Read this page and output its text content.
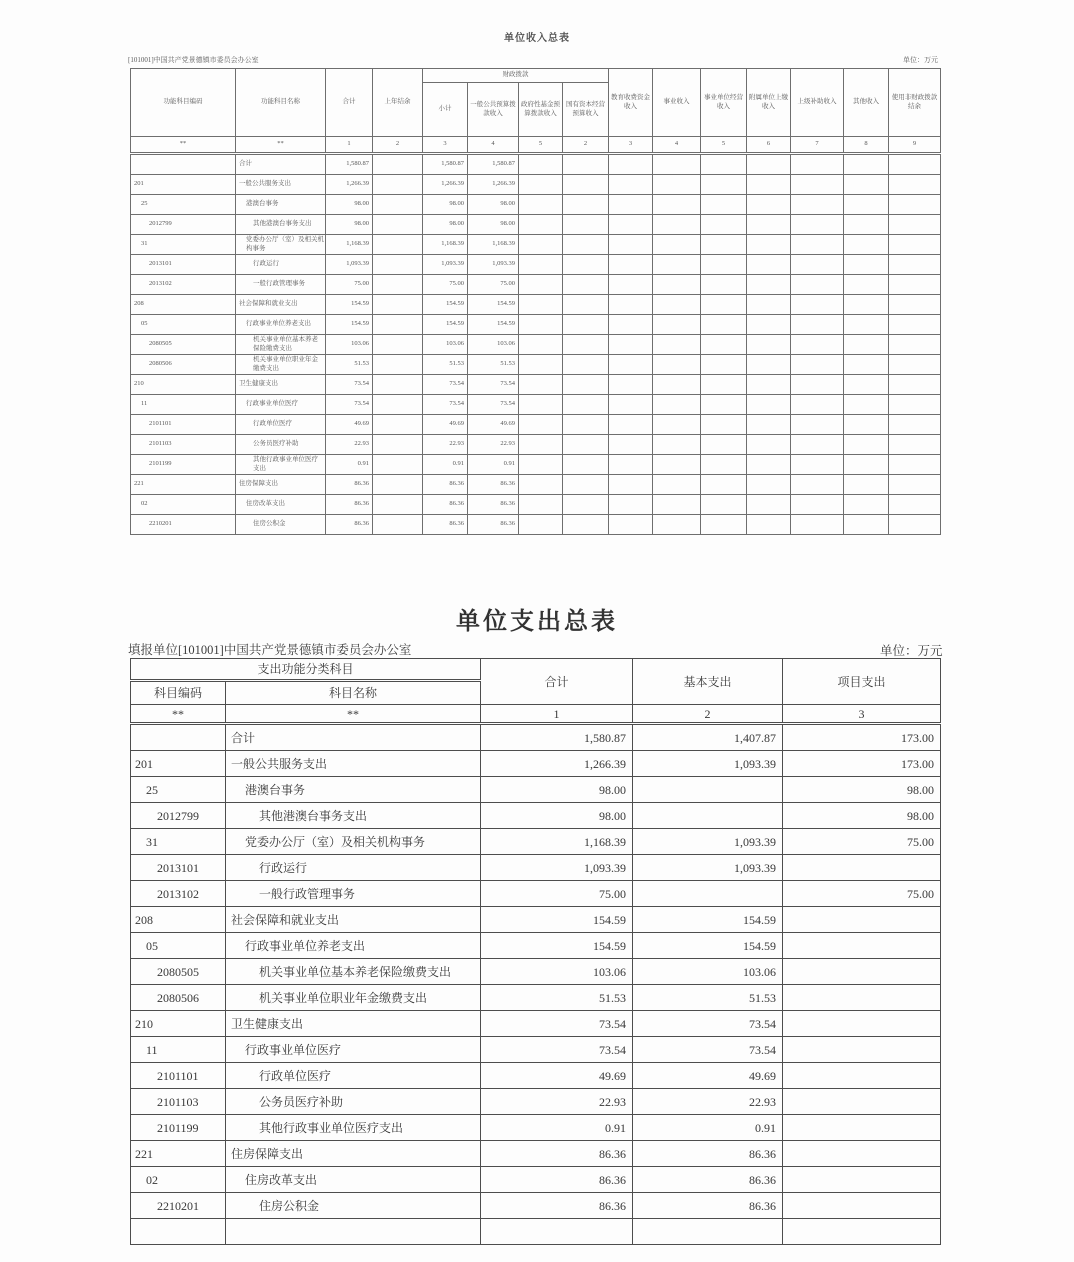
单位收入总表
[101001]中国共产党景德镇市委员会办公室	单位：万元
功能科目编码	功能科目名称	合计	上年结余	财政拨款				教育收费资金收入	事业收入	事业单位经营收入	附属单位上缴收入	上级补助收入	其他收入	使用非财政拨款结余
				小计	一般公共预算拨款收入	政府性基金预算拨款收入	国有资本经营预算收入							
**	**	1	2	3	4	5	2	3	4	5	6	7	8	9
	合计	1,580.87		1,580.87	1,580.87									
201	一般公共服务支出	1,266.39		1,266.39	1,266.39									
25	港澳台事务	98.00		98.00	98.00									
2012799	其他港澳台事务支出	98.00		98.00	98.00									
31	党委办公厅（室）及相关机构事务	1,168.39		1,168.39	1,168.39									
2013101	行政运行	1,093.39		1,093.39	1,093.39									
2013102	一般行政管理事务	75.00		75.00	75.00									
208	社会保障和就业支出	154.59		154.59	154.59									
05	行政事业单位养老支出	154.59		154.59	154.59									
2080505	机关事业单位基本养老保险缴费支出	103.06		103.06	103.06									
2080506	机关事业单位职业年金缴费支出	51.53		51.53	51.53									
210	卫生健康支出	73.54		73.54	73.54									
11	行政事业单位医疗	73.54		73.54	73.54									
2101101	行政单位医疗	49.69		49.69	49.69									
2101103	公务员医疗补助	22.93		22.93	22.93									
2101199	其他行政事业单位医疗支出	0.91		0.91	0.91									
221	住房保障支出	86.36		86.36	86.36									
02	住房改革支出	86.36		86.36	86.36									
2210201	住房公积金	86.36		86.36	86.36									
单位支出总表
填报单位[101001]中国共产党景德镇市委员会办公室	单位：万元
支出功能分类科目		合计	基本支出	项目支出
科目编码	科目名称			
**	**	1	2	3
	合计	1,580.87	1,407.87	173.00
201	一般公共服务支出	1,266.39	1,093.39	173.00
25	港澳台事务	98.00		98.00
2012799	其他港澳台事务支出	98.00		98.00
31	党委办公厅（室）及相关机构事务	1,168.39	1,093.39	75.00
2013101	行政运行	1,093.39	1,093.39	
2013102	一般行政管理事务	75.00		75.00
208	社会保障和就业支出	154.59	154.59	
05	行政事业单位养老支出	154.59	154.59	
2080505	机关事业单位基本养老保险缴费支出	103.06	103.06	
2080506	机关事业单位职业年金缴费支出	51.53	51.53	
210	卫生健康支出	73.54	73.54	
11	行政事业单位医疗	73.54	73.54	
2101101	行政单位医疗	49.69	49.69	
2101103	公务员医疗补助	22.93	22.93	
2101199	其他行政事业单位医疗支出	0.91	0.91	
221	住房保障支出	86.36	86.36	
02	住房改革支出	86.36	86.36	
2210201	住房公积金	86.36	86.36	
